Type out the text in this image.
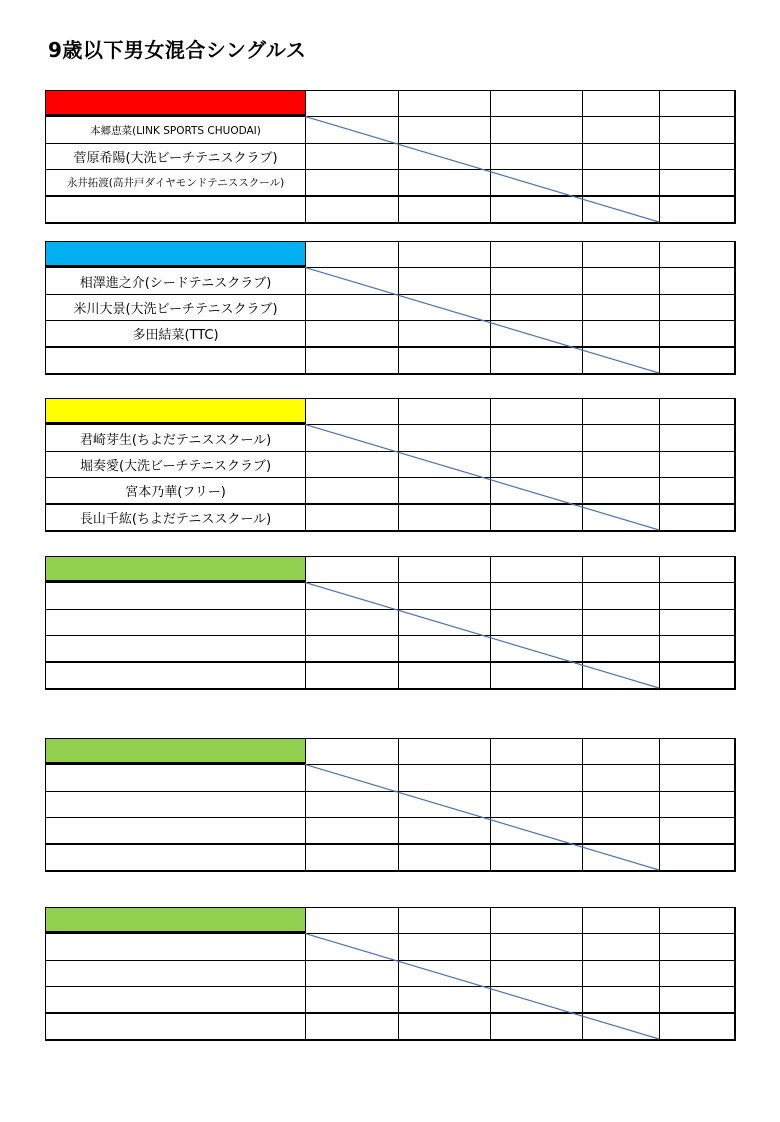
9歳以下男女混合シングルス
本郷恵菜(LINK SPORTS CHUODAI)
菅原希陽(大洗ビーチテニスクラブ)
永井拓渡(高井戸ダイヤモンドテニススクール)
相澤進之介(シードテニスクラブ)
米川大景(大洗ビーチテニスクラブ)
多田結菜(TTC)
君崎芽生(ちよだテニススクール)
堀奏愛(大洗ビーチテニスクラブ)
宮本乃華(フリー)
長山千紘(ちよだテニススクール)
